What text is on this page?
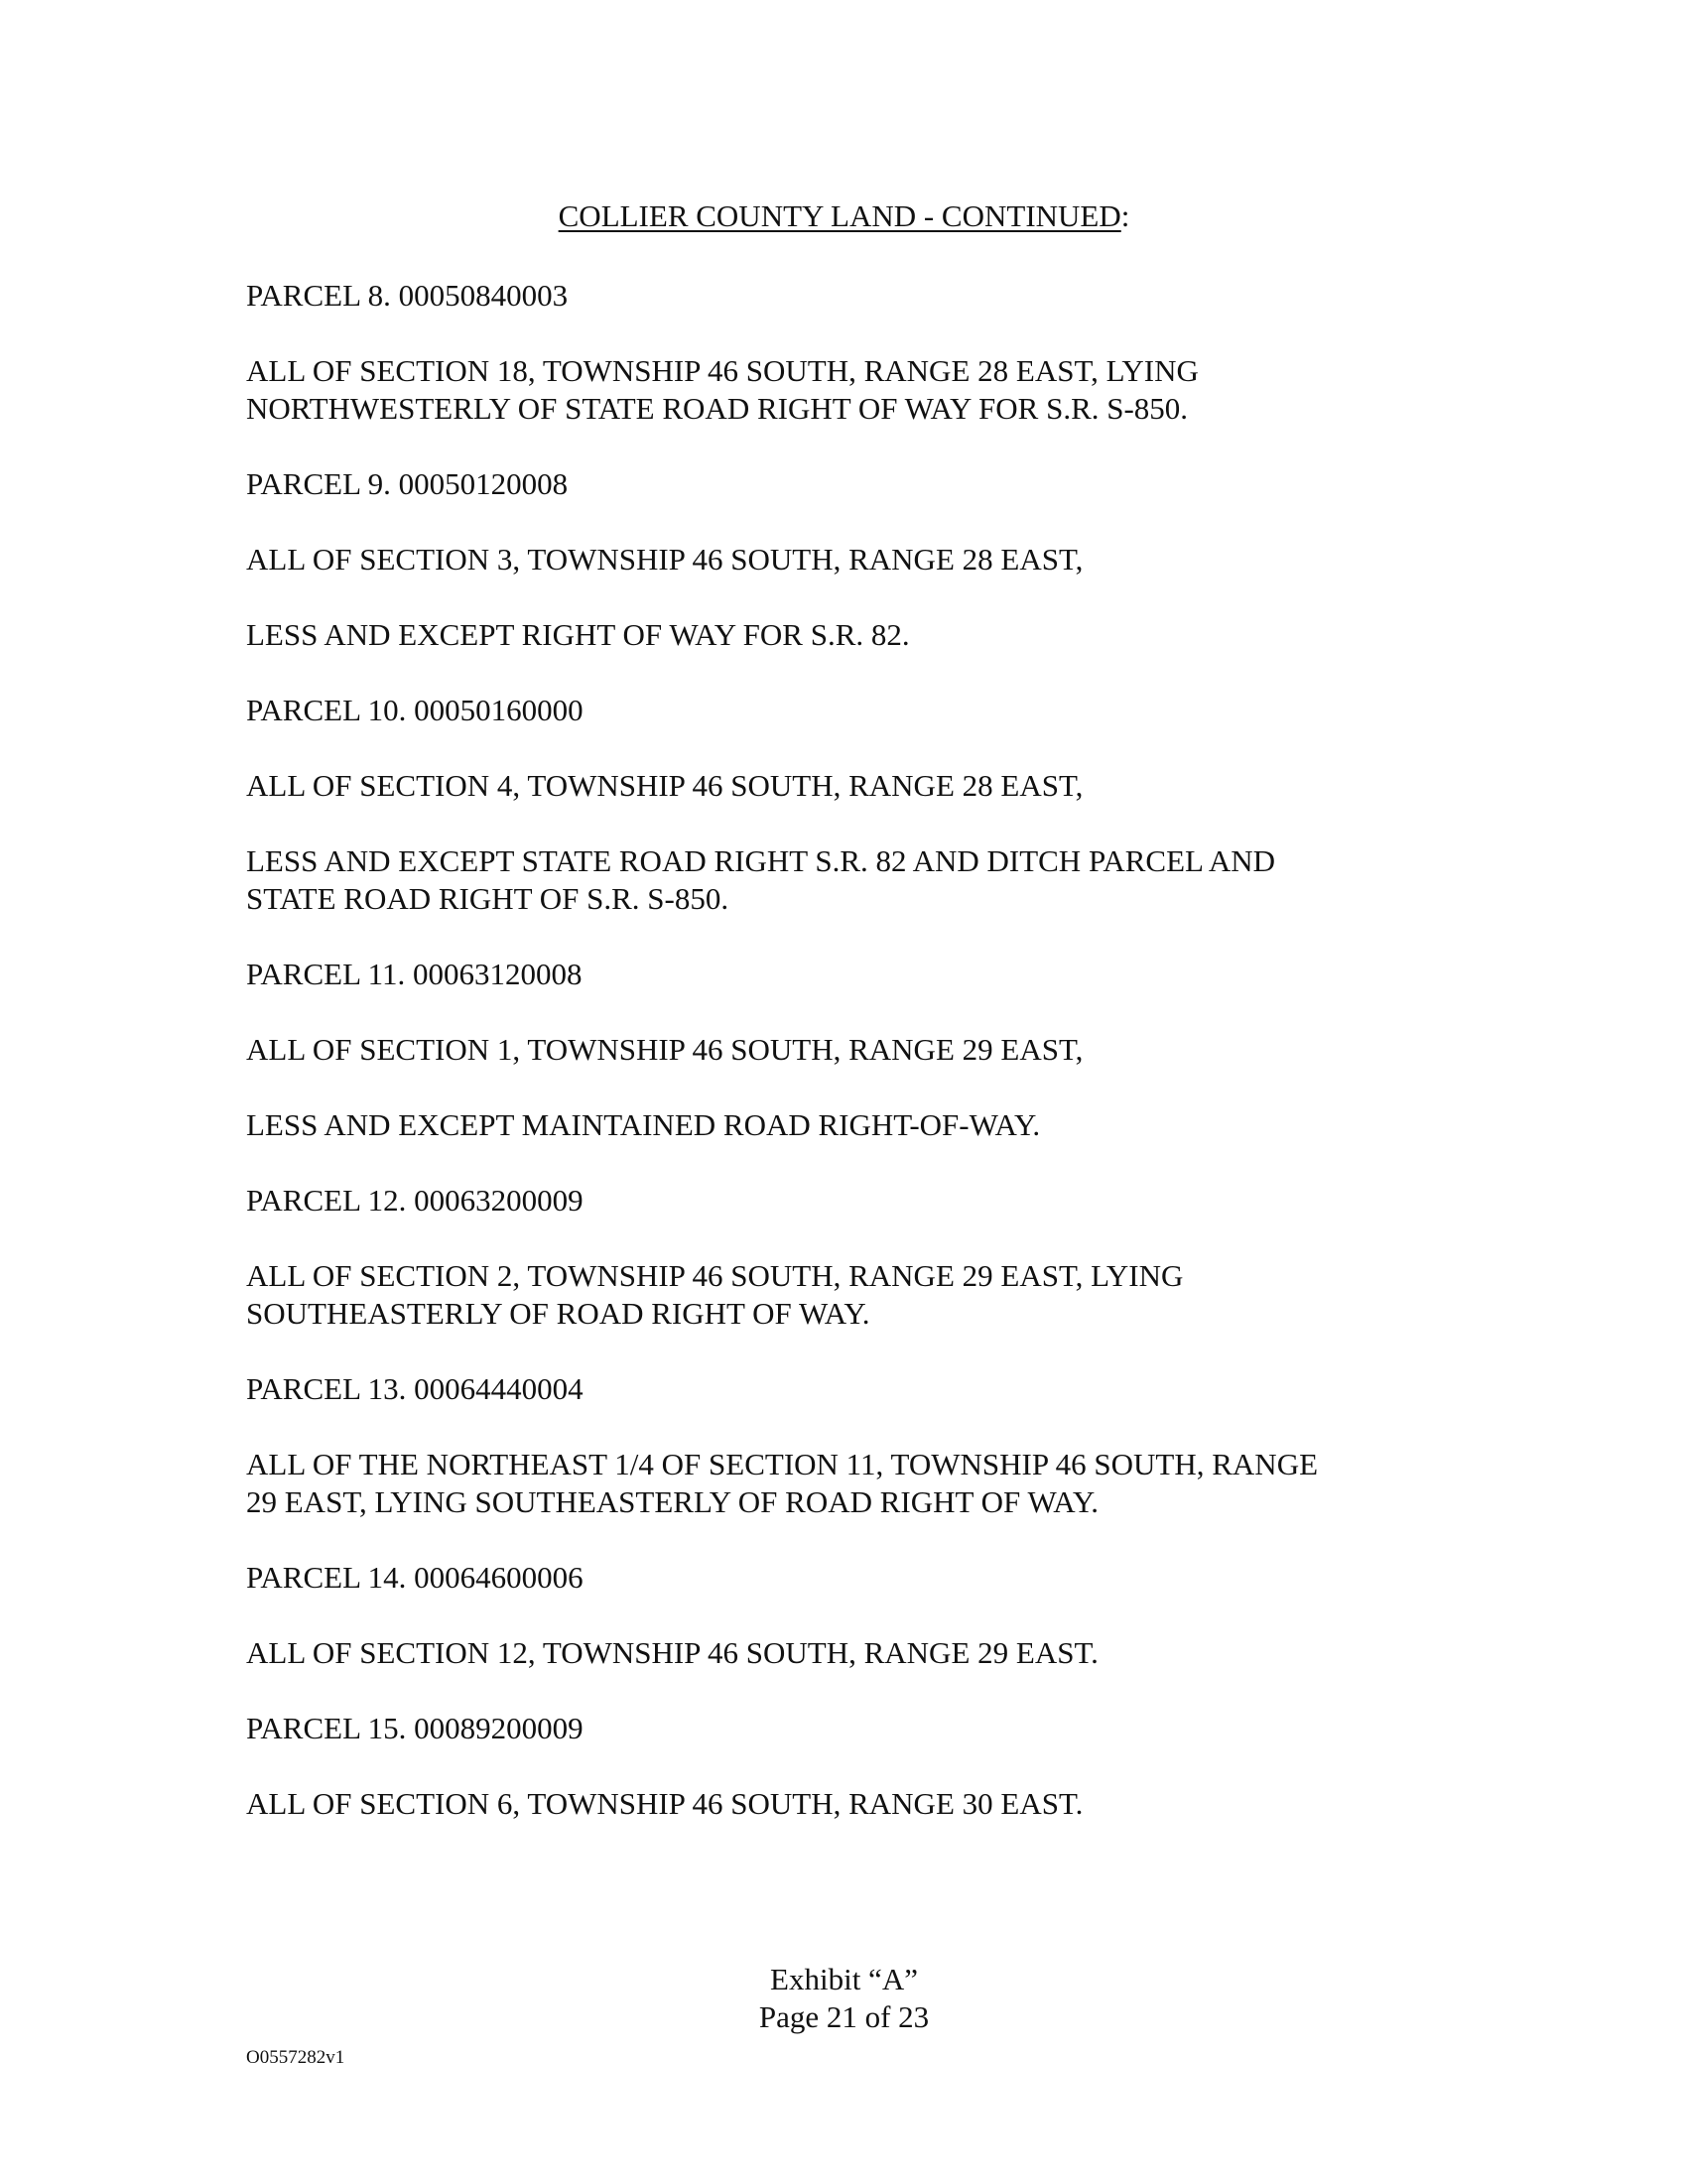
COLLIER COUNTY LAND - CONTINUED:
PARCEL 8. 00050840003
ALL OF SECTION 18, TOWNSHIP 46 SOUTH, RANGE 28 EAST, LYING
NORTHWESTERLY OF STATE ROAD RIGHT OF WAY FOR S.R. S-850.
PARCEL 9. 00050120008
ALL OF SECTION 3, TOWNSHIP 46 SOUTH, RANGE 28 EAST,
LESS AND EXCEPT RIGHT OF WAY FOR S.R. 82.
PARCEL 10. 00050160000
ALL OF SECTION 4, TOWNSHIP 46 SOUTH, RANGE 28 EAST,
LESS AND EXCEPT STATE ROAD RIGHT S.R. 82 AND DITCH PARCEL AND
STATE ROAD RIGHT OF S.R. S-850.
PARCEL 11. 00063120008
ALL OF SECTION 1, TOWNSHIP 46 SOUTH, RANGE 29 EAST,
LESS AND EXCEPT MAINTAINED ROAD RIGHT-OF-WAY.
PARCEL 12. 00063200009
ALL OF SECTION 2, TOWNSHIP 46 SOUTH, RANGE 29 EAST, LYING
SOUTHEASTERLY OF ROAD RIGHT OF WAY.
PARCEL 13. 00064440004
ALL OF THE NORTHEAST 1/4 OF SECTION 11, TOWNSHIP 46 SOUTH, RANGE
29 EAST, LYING SOUTHEASTERLY OF ROAD RIGHT OF WAY.
PARCEL 14. 00064600006
ALL OF SECTION 12, TOWNSHIP 46 SOUTH, RANGE 29 EAST.
PARCEL 15. 00089200009
ALL OF SECTION 6, TOWNSHIP 46 SOUTH, RANGE 30 EAST.
Exhibit “A”
Page 21 of 23
O0557282v1
